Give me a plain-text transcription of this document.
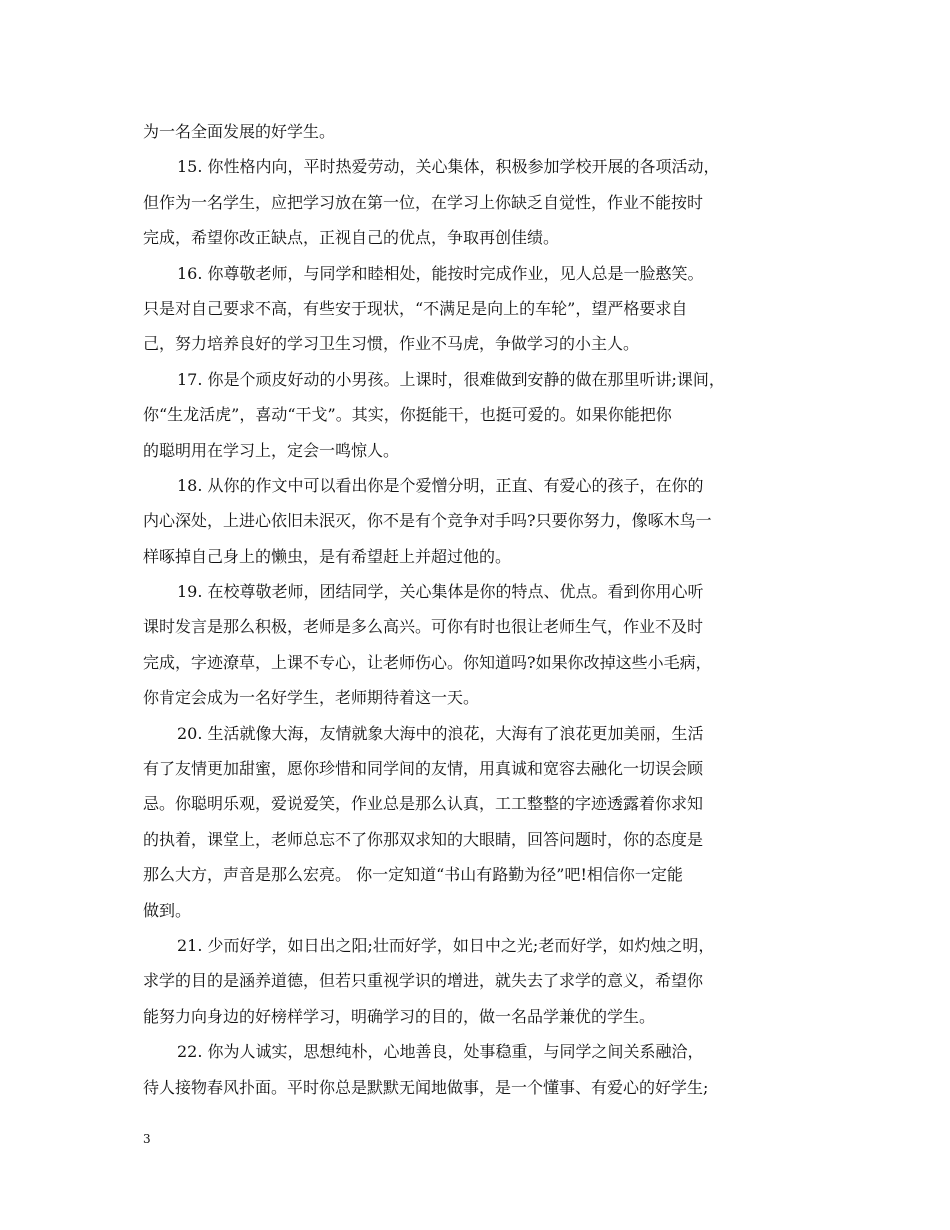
为一名全面发展的好学生。
15. 你性格内向，平时热爱劳动，关心集体，积极参加学校开展的各项活动，
但作为一名学生，应把学习放在第一位，在学习上你缺乏自觉性，作业不能按时
完成，希望你改正缺点，正视自己的优点，争取再创佳绩。
16. 你尊敬老师，与同学和睦相处，能按时完成作业，见人总是一脸憨笑。
只是对自己要求不高，有些安于现状，“不满足是向上的车轮”，望严格要求自
己，努力培养良好的学习卫生习惯，作业不马虎，争做学习的小主人。
17. 你是个顽皮好动的小男孩。上课时，很难做到安静的做在那里听讲;课间，
你“生龙活虎”，喜动“干戈”。其实，你挺能干，也挺可爱的。如果你能把你
的聪明用在学习上，定会一鸣惊人。
18. 从你的作文中可以看出你是个爱憎分明，正直、有爱心的孩子，在你的
内心深处，上进心依旧未泯灭，你不是有个竞争对手吗?只要你努力，像啄木鸟一
样啄掉自己身上的懒虫，是有希望赶上并超过他的。
19. 在校尊敬老师，团结同学，关心集体是你的特点、优点。看到你用心听
课时发言是那么积极，老师是多么高兴。可你有时也很让老师生气，作业不及时
完成，字迹潦草，上课不专心，让老师伤心。你知道吗?如果你改掉这些小毛病，
你肯定会成为一名好学生，老师期待着这一天。
20. 生活就像大海，友情就象大海中的浪花，大海有了浪花更加美丽，生活
有了友情更加甜蜜，愿你珍惜和同学间的友情，用真诚和宽容去融化一切误会顾
忌。你聪明乐观，爱说爱笑，作业总是那么认真，工工整整的字迹透露着你求知
的执着，课堂上，老师总忘不了你那双求知的大眼睛，回答问题时，你的态度是
那么大方，声音是那么宏亮。 你一定知道“书山有路勤为径”吧!相信你一定能
做到。
21. 少而好学，如日出之阳;壮而好学，如日中之光;老而好学，如灼烛之明，
求学的目的是涵养道德，但若只重视学识的增进，就失去了求学的意义，希望你
能努力向身边的好榜样学习，明确学习的目的，做一名品学兼优的学生。
22. 你为人诚实，思想纯朴，心地善良，处事稳重，与同学之间关系融洽，
待人接物春风扑面。平时你总是默默无闻地做事，是一个懂事、有爱心的好学生;
3
